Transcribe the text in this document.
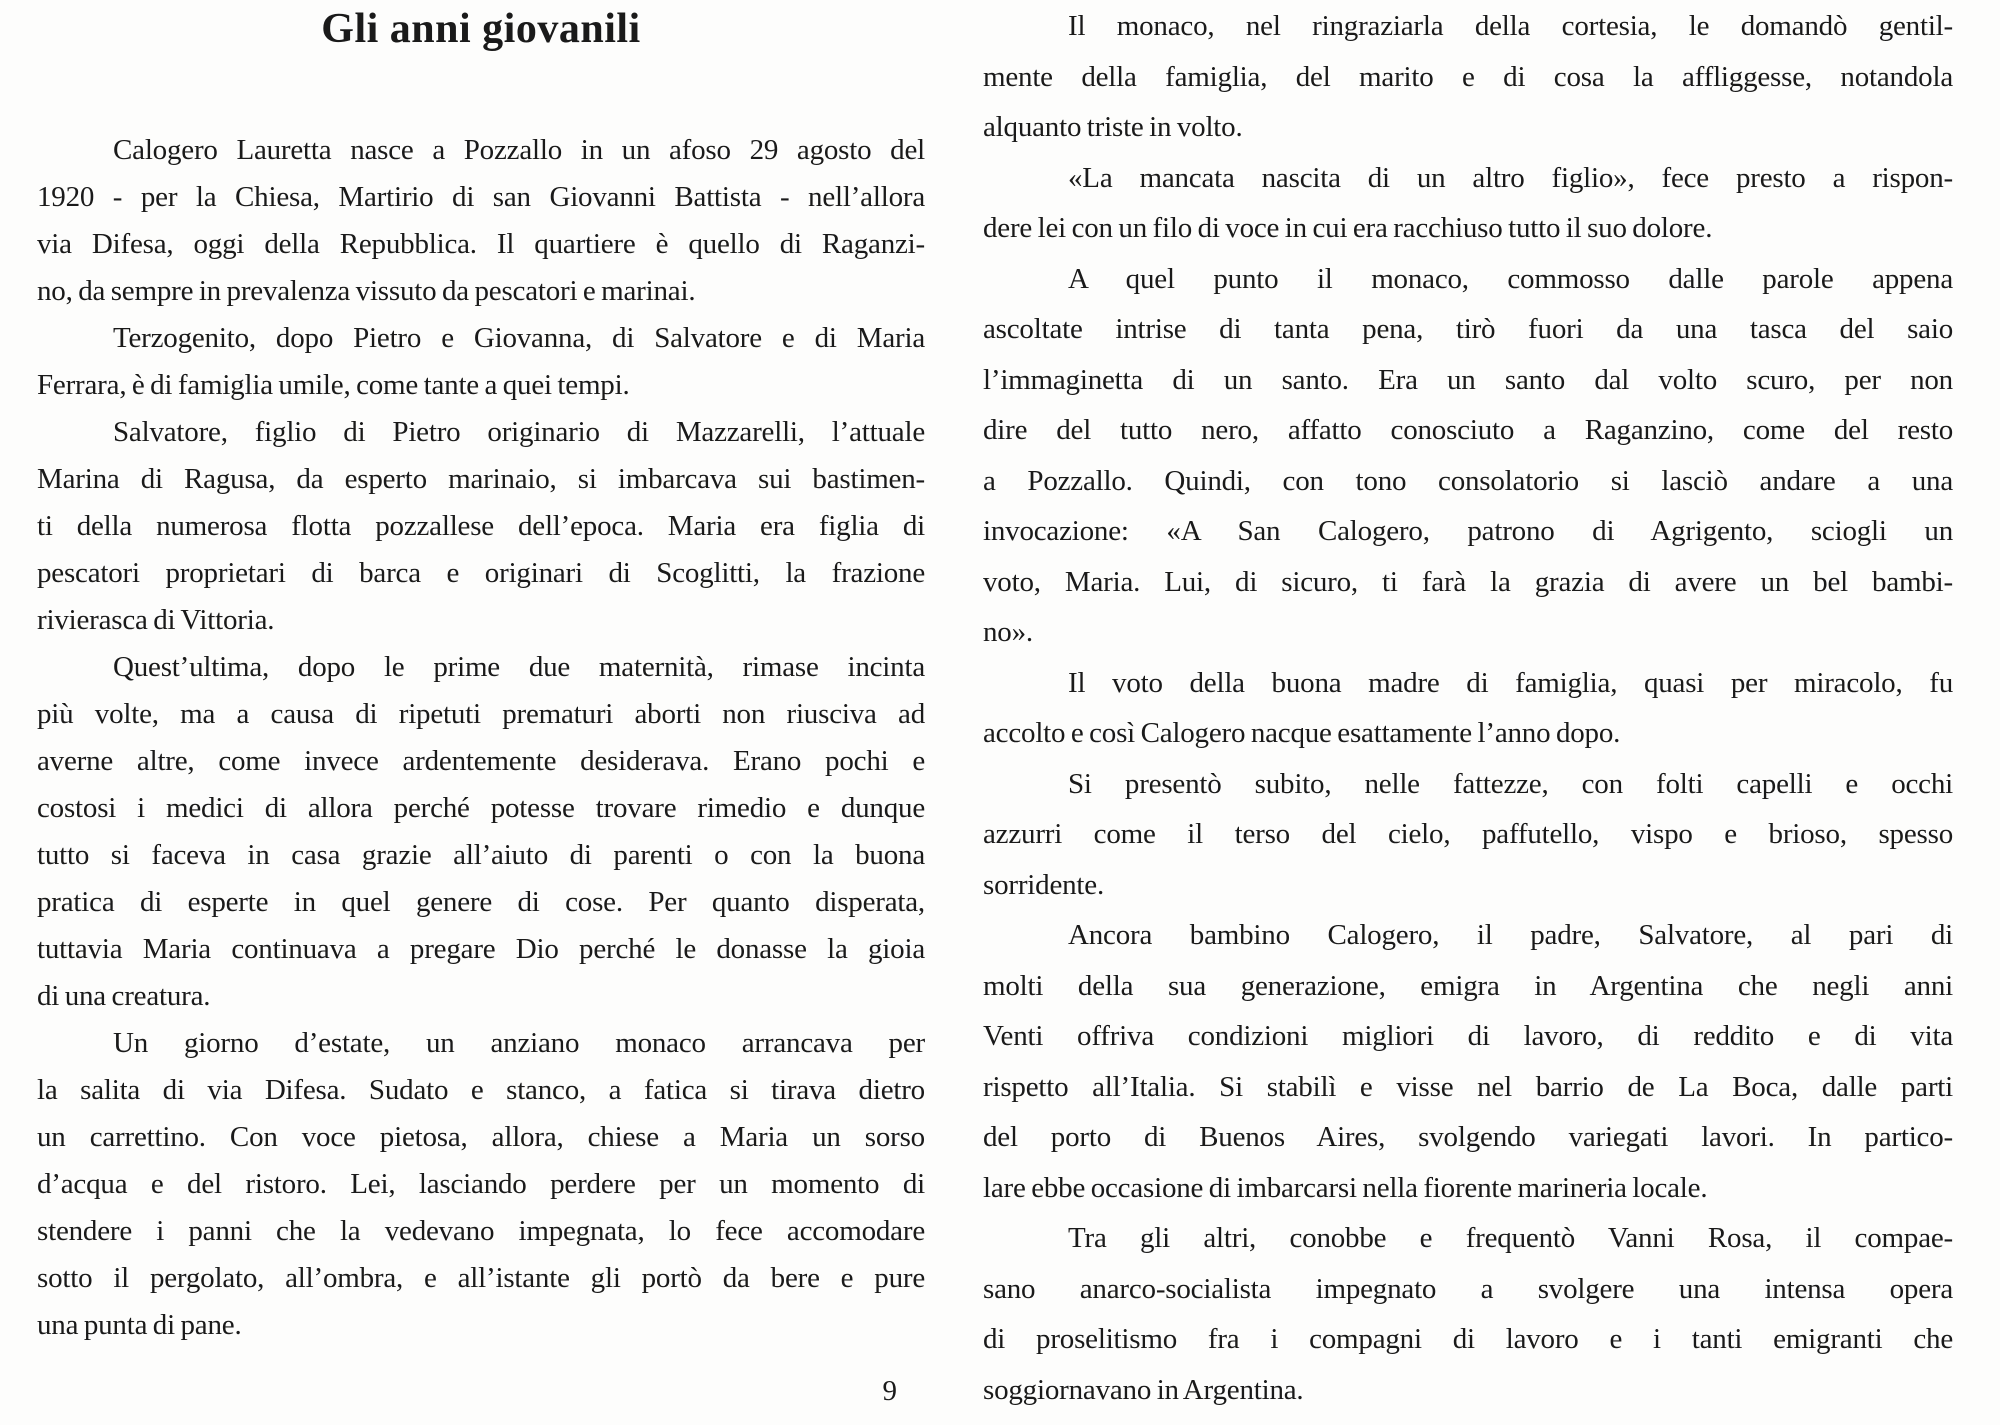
Gli anni giovanili
Calogero Lauretta nasce a Pozzallo in un afoso 29 agosto del
1920 - per la Chiesa, Martirio di san Giovanni Battista - nell’allora
via Difesa, oggi della Repubblica. Il quartiere è quello di Raganzi-
no, da sempre in prevalenza vissuto da pescatori e marinai.
Terzogenito, dopo Pietro e Giovanna, di Salvatore e di Maria
Ferrara, è di famiglia umile, come tante a quei tempi.
Salvatore, figlio di Pietro originario di Mazzarelli, l’attuale
Marina di Ragusa, da esperto marinaio, si imbarcava sui bastimen-
ti della numerosa flotta pozzallese dell’epoca. Maria era figlia di
pescatori proprietari di barca e originari di Scoglitti, la frazione
rivierasca di Vittoria.
Quest’ultima, dopo le prime due maternità, rimase incinta
più volte, ma a causa di ripetuti prematuri aborti non riusciva ad
averne altre, come invece ardentemente desiderava. Erano pochi e
costosi i medici di allora perché potesse trovare rimedio e dunque
tutto si faceva in casa grazie all’aiuto di parenti o con la buona
pratica di esperte in quel genere di cose. Per quanto disperata,
tuttavia Maria continuava a pregare Dio perché le donasse la gioia
di una creatura.
Un giorno d’estate, un anziano monaco arrancava per
la salita di via Difesa. Sudato e stanco, a fatica si tirava dietro
un carrettino. Con voce pietosa, allora, chiese a Maria un sorso
d’acqua e del ristoro. Lei, lasciando perdere per un momento di
stendere i panni che la vedevano impegnata, lo fece accomodare
sotto il pergolato, all’ombra, e all’istante gli portò da bere e pure
una punta di pane.
Il monaco, nel ringraziarla della cortesia, le domandò gentil-
mente della famiglia, del marito e di cosa la affliggesse, notandola
alquanto triste in volto.
«La mancata nascita di un altro figlio», fece presto a rispon-
dere lei con un filo di voce in cui era racchiuso tutto il suo dolore.
A quel punto il monaco, commosso dalle parole appena
ascoltate intrise di tanta pena, tirò fuori da una tasca del saio
l’immaginetta di un santo. Era un santo dal volto scuro, per non
dire del tutto nero, affatto conosciuto a Raganzino, come del resto
a Pozzallo. Quindi, con tono consolatorio si lasciò andare a una
invocazione: «A San Calogero, patrono di Agrigento, sciogli un
voto, Maria. Lui, di sicuro, ti farà la grazia di avere un bel bambi-
no».
Il voto della buona madre di famiglia, quasi per miracolo, fu
accolto e così Calogero nacque esattamente l’anno dopo.
Si presentò subito, nelle fattezze, con folti capelli e occhi
azzurri come il terso del cielo, paffutello, vispo e brioso, spesso
sorridente.
Ancora bambino Calogero, il padre, Salvatore, al pari di
molti della sua generazione, emigra in Argentina che negli anni
Venti offriva condizioni migliori di lavoro, di reddito e di vita
rispetto all’Italia. Si stabilì e visse nel barrio de La Boca, dalle parti
del porto di Buenos Aires, svolgendo variegati lavori. In partico-
lare ebbe occasione di imbarcarsi nella fiorente marineria locale.
Tra gli altri, conobbe e frequentò Vanni Rosa, il compae-
sano anarco-socialista impegnato a svolgere una intensa opera
di proselitismo fra i compagni di lavoro e i tanti emigranti che
soggiornavano in Argentina.
9
